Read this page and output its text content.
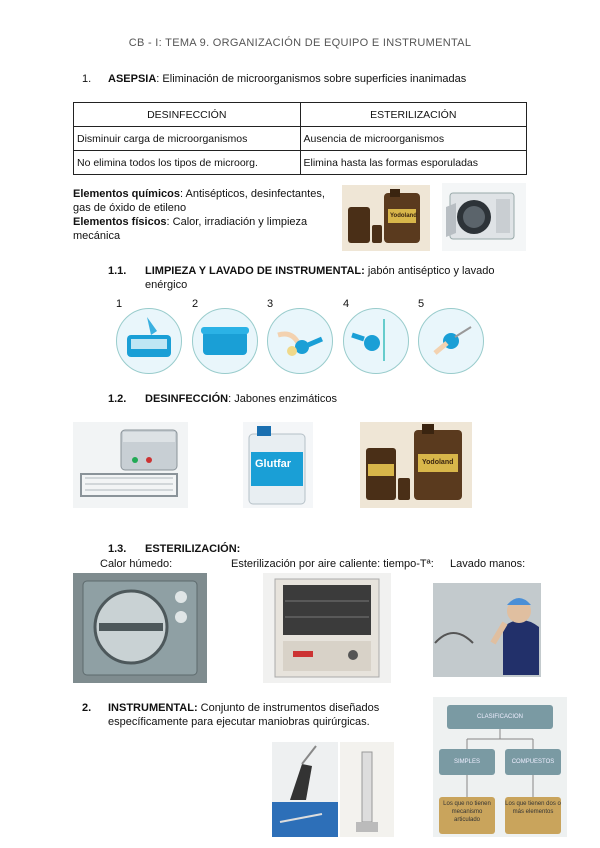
CB - I: TEMA 9. ORGANIZACIÓN DE EQUIPO E INSTRUMENTAL
1. ASEPSIA: Eliminación de microorganismos sobre superficies inanimadas
DESINFECCIÓN	ESTERILIZACIÓN
Disminuir carga de microorganismos	Ausencia de microorganismos
No elimina todos los tipos de microorg.	Elimina hasta las formas esporuladas
Elementos químicos: Antisépticos, desinfectantes,
gas de óxido de etileno
Elementos físicos: Calor, irradiación y limpieza
mecánica
Yodoland
1.1. LIMPIEZA Y LAVADO DE INSTRUMENTAL: jabón antiséptico y lavado
enérgico
1	2	3	4	5
1.2. DESINFECCIÓN: Jabones enzimáticos
Glutfar	Yodoland
1.3. ESTERILIZACIÓN:
Calor húmedo:	Esterilización por aire caliente: tiempo-Tª: Lavado manos:
2. INSTRUMENTAL: Conjunto de instrumentos diseñados
específicamente para ejecutar maniobras quirúrgicas.	CLASIFICACION
SIMPLES	COMPUESTOS
Los que no tienen mecanismo articulado
Los que tienen dos o más elementos
